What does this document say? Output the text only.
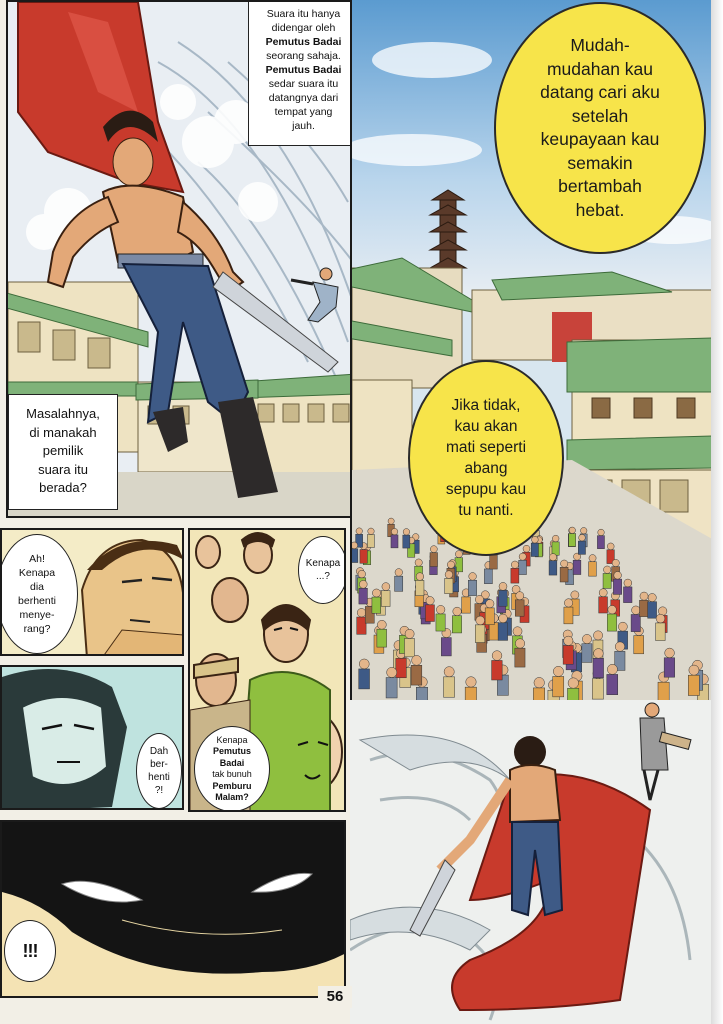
Suara itu hanya
didengar oleh
Pemutus Badai
seorang sahaja.
Pemutus Badai
sedar suara itu
datangnya dari
tempat yang
jauh.
Masalahnya,
di manakah
pemilik
suara itu
berada?
Mudah-
mudahan kau
datang cari aku
setelah
keupayaan kau
semakin
bertambah
hebat.
Jika tidak,
kau akan
mati seperti
abang
sepupu kau
tu nanti.
Ah!
Kenapa
dia
berhenti
menye-
rang?
Dah
ber-
henti
?!
Kenapa
...?
Kenapa
Pemutus Badai
tak bunuh
Pemburu Malam?
!!!
56
